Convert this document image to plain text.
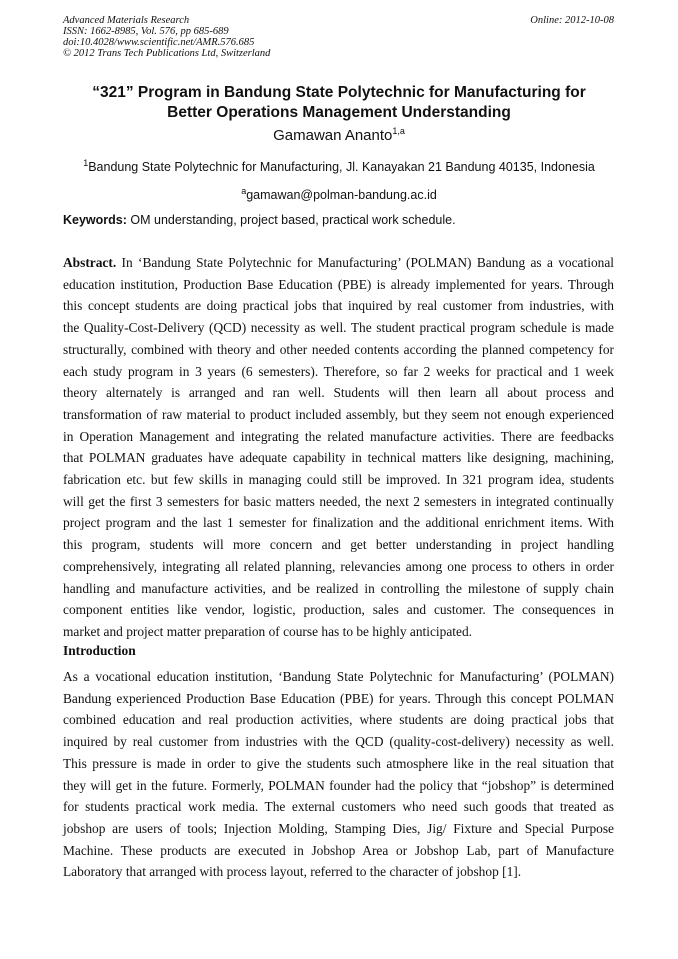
Advanced Materials Research
ISSN: 1662-8985, Vol. 576, pp 685-689
doi:10.4028/www.scientific.net/AMR.576.685
© 2012 Trans Tech Publications Ltd, Switzerland
Online: 2012-10-08
“321” Program in Bandung State Polytechnic for Manufacturing for
Better Operations Management Understanding
Gamawan Ananto$^{1,a}$
$^1$Bandung State Polytechnic for Manufacturing, Jl. Kanayakan 21 Bandung 40135, Indonesia
$^a$gamawan@polman-bandung.ac.id
Keywords: OM understanding, project based, practical work schedule.
Abstract. In ‘Bandung State Polytechnic for Manufacturing’ (POLMAN) Bandung as a vocational
education institution, Production Base Education (PBE) is already implemented for years. Through
this concept students are doing practical jobs that inquired by real customer from industries, with
the Quality-Cost-Delivery (QCD) necessity as well. The student practical program schedule is made
structurally, combined with theory and other needed contents according the planned competency for
each study program in 3 years (6 semesters). Therefore, so far 2 weeks for practical and 1 week
theory alternately is arranged and ran well. Students will then learn all about process and
transformation of raw material to product included assembly, but they seem not enough experienced
in Operation Management and integrating the related manufacture activities. There are feedbacks
that POLMAN graduates have adequate capability in technical matters like designing, machining,
fabrication etc. but few skills in managing could still be improved. In 321 program idea, students
will get the first 3 semesters for basic matters needed, the next 2 semesters in integrated continually
project program and the last 1 semester for finalization and the additional enrichment items. With
this program, students will more concern and get better understanding in project handling
comprehensively, integrating all related planning, relevancies among one process to others in order
handling and manufacture activities, and be realized in controlling the milestone of supply chain
component entities like vendor, logistic, production, sales and customer. The consequences in
market and project matter preparation of course has to be highly anticipated.
Introduction
As a vocational education institution, ‘Bandung State Polytechnic for Manufacturing’ (POLMAN)
Bandung experienced Production Base Education (PBE) for years. Through this concept POLMAN
combined education and real production activities, where students are doing practical jobs that
inquired by real customer from industries with the QCD (quality-cost-delivery) necessity as well.
This pressure is made in order to give the students such atmosphere like in the real situation that
they will get in the future. Formerly, POLMAN founder had the policy that “jobshop” is determined
for students practical work media. The external customers who need such goods that treated as
jobshop are users of tools; Injection Molding, Stamping Dies, Jig/ Fixture and Special Purpose
Machine. These products are executed in Jobshop Area or Jobshop Lab, part of Manufacture
Laboratory that arranged with process layout, referred to the character of jobshop [1].
